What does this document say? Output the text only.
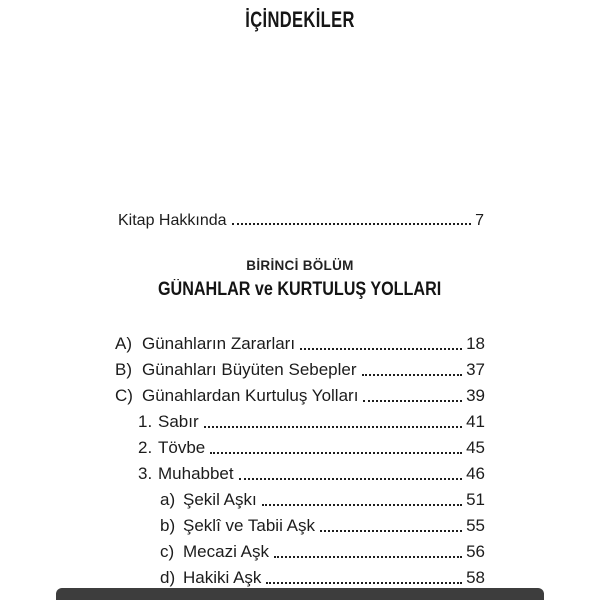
İÇİNDEKİLER
Kitap Hakkında	7
BİRİNCİ BÖLÜM
GÜNAHLAR ve KURTULUŞ YOLLARI
A) Günahların Zararları	18
B) Günahları Büyüten Sebepler	37
C) Günahlardan Kurtuluş Yolları	39
1. Sabır	41
2. Tövbe	45
3. Muhabbet	46
a) Şekil Aşkı	51
b) Şeklî ve Tabii Aşk	55
c) Mecazi Aşk	56
d) Hakiki Aşk	58
